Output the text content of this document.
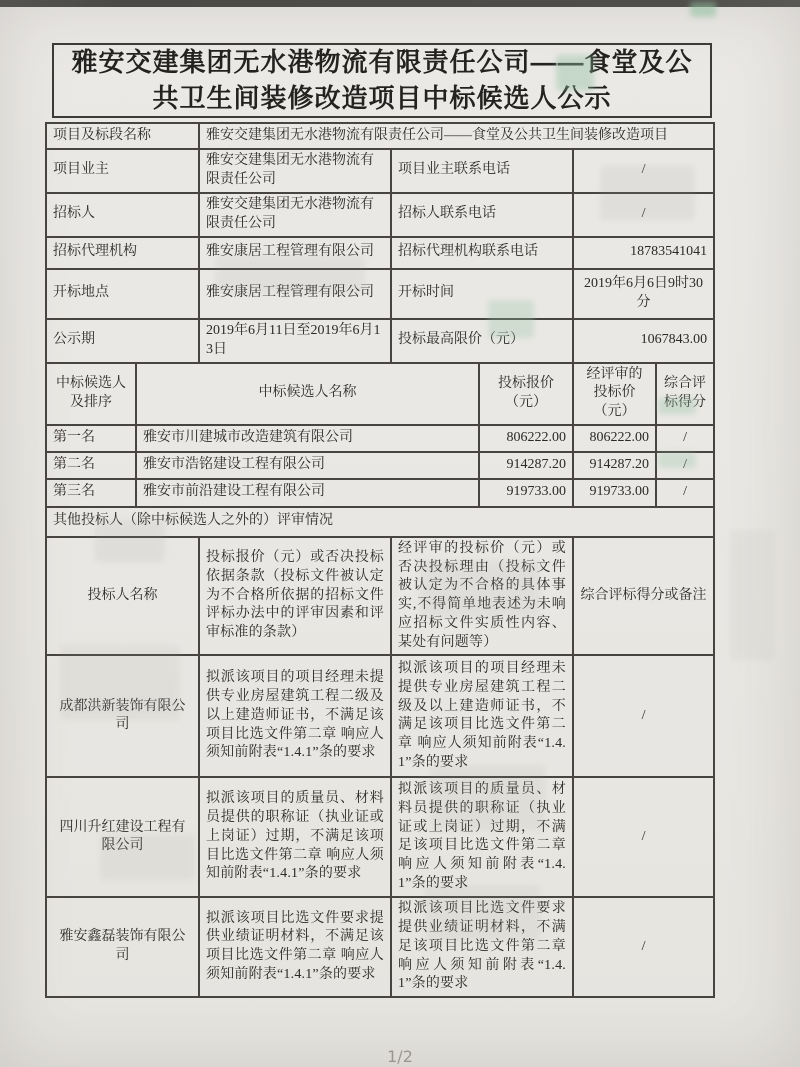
雅安交建集团无水港物流有限责任公司——食堂及公共卫生间装修改造项目中标候选人公示
项目及标段名称		雅安交建集团无水港物流有限责任公司——食堂及公共卫生间装修改造项目				
项目业主		雅安交建集团无水港物流有限责任公司	项目业主联系电话		/	
招标人		雅安交建集团无水港物流有限责任公司	招标人联系电话		/	
招标代理机构		雅安康居工程管理有限公司	招标代理机构联系电话		18783541041	
开标地点		雅安康居工程管理有限公司	开标时间		2019年6月6日9时30分	
公示期		2019年6月11日至2019年6月13日	投标最高限价（元）		1067843.00	
中标候选人及排序	中标候选人名称			投标报价（元）	经评审的投标价（元）	综合评标得分
第一名	雅安市川建城市改造建筑有限公司			806222.00	806222.00	/
第二名	雅安市浩铭建设工程有限公司			914287.20	914287.20	/
第三名	雅安市前沿建设工程有限公司			919733.00	919733.00	/
其他投标人（除中标候选人之外的）评审情况						
投标人名称		投标报价（元）或否决投标依据条款（投标文件被认定为不合格所依据的招标文件评标办法中的评审因素和评审标准的条款）	经评审的投标价（元）或否决投标理由（投标文件被认定为不合格的具体事实,不得简单地表述为未响应招标文件实质性内容、某处有问题等）		综合评标得分或备注	
成都洪新装饰有限公司		拟派该项目的项目经理未提供专业房屋建筑工程二级及以上建造师证书，不满足该项目比选文件第二章 响应人须知前附表“1.4.1”条的要求	拟派该项目的项目经理未提供专业房屋建筑工程二级及以上建造师证书，不满足该项目比选文件第二章 响应人须知前附表“1.4.1”条的要求		/	
四川升红建设工程有限公司		拟派该项目的质量员、材料员提供的职称证（执业证或上岗证）过期，不满足该项目比选文件第二章 响应人须知前附表“1.4.1”条的要求	拟派该项目的质量员、材料员提供的职称证（执业证或上岗证）过期，不满足该项目比选文件第二章 响应人须知前附表“1.4.1”条的要求		/	
雅安鑫磊装饰有限公司		拟派该项目比选文件要求提供业绩证明材料，不满足该项目比选文件第二章 响应人须知前附表“1.4.1”条的要求	拟派该项目比选文件要求提供业绩证明材料，不满足该项目比选文件第二章 响应人须知前附表“1.4.1”条的要求		/	
1/2
